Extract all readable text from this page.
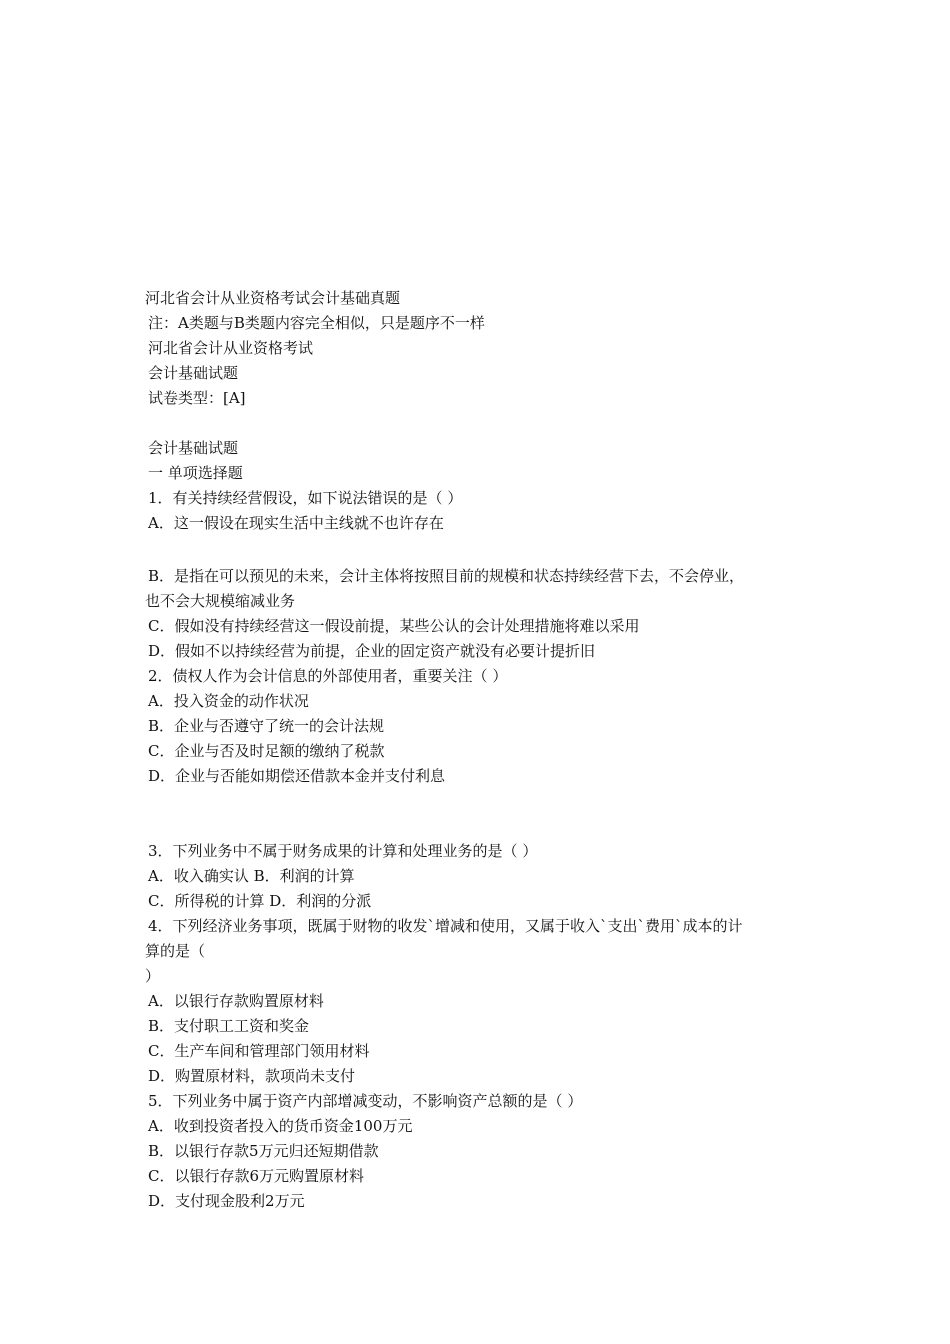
河北省会计从业资格考试会计基础真题
注：A类题与B类题内容完全相似，只是题序不一样
河北省会计从业资格考试
会计基础试题
试卷类型：[A]
会计基础试题
一 单项选择题
1．有关持续经营假设，如下说法错误的是（ ）
A．这一假设在现实生活中主线就不也许存在
B．是指在可以预见的未来，会计主体将按照目前的规模和状态持续经营下去，不会停业，
也不会大规模缩减业务
C．假如没有持续经营这一假设前提，某些公认的会计处理措施将难以采用
D．假如不以持续经营为前提，企业的固定资产就没有必要计提折旧
2．债权人作为会计信息的外部使用者，重要关注（ ）
A．投入资金的动作状况
B．企业与否遵守了统一的会计法规
C．企业与否及时足额的缴纳了税款
D．企业与否能如期偿还借款本金并支付利息
3．下列业务中不属于财务成果的计算和处理业务的是（ ）
A．收入确实认 B．利润的计算
C．所得税的计算 D．利润的分派
4．下列经济业务事项，既属于财物的收发`增减和使用，又属于收入`支出`费用`成本的计
算的是（
）
A．以银行存款购置原材料
B．支付职工工资和奖金
C．生产车间和管理部门领用材料
D．购置原材料，款项尚未支付
5．下列业务中属于资产内部增减变动，不影响资产总额的是（ ）
A．收到投资者投入的货币资金100万元
B．以银行存款5万元归还短期借款
C．以银行存款6万元购置原材料
D．支付现金股利2万元
